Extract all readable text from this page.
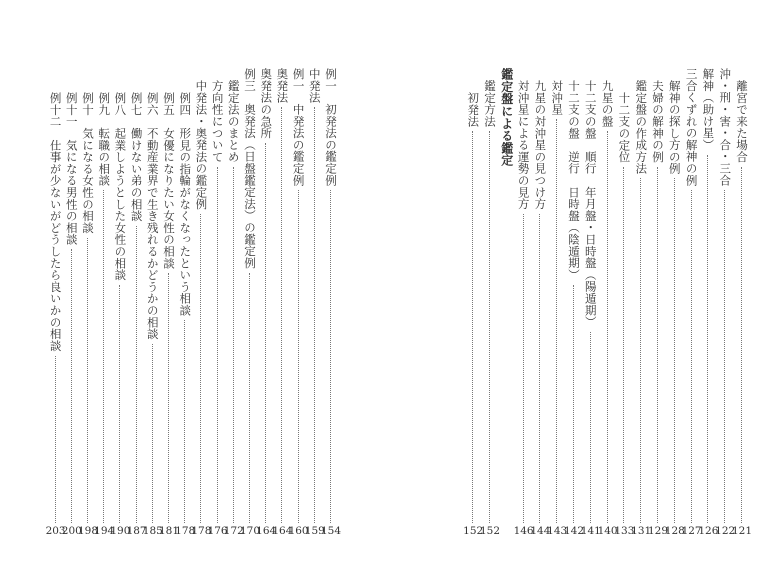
例一　初発法の鑑定例
154
中発法
159
例一　中発法の鑑定例
160
奥発法
164
奥発法の急所
164
例三　奥発法（日盤鑑定法）の鑑定例
170
鑑定法のまとめ
172
方向性について
176
中発法・奥発法の鑑定例
178
例四　形見の指輪がなくなったという相談
178
例五　女優になりたい女性の相談
181
例六　不動産業界で生き残れるかどうかの相談
185
例七　働けない弟の相談
187
例八　起業しようとした女性の相談
190
例九　転職の相談
194
例十　気になる女性の相談
198
例十一　気になる男性の相談
200
例十二　仕事が少ないがどうしたら良いかの相談
203
離宮で来た場合
121
沖・刑・害・合・三合
122
解神（助け星）
126
三合くずれの解神の例
127
解神の探し方の例
128
夫婦の解神の例
129
鑑定盤の作成方法
131
十二支の定位
133
九星の盤
140
十二支の盤　順行　年月盤・日時盤（陽遁期）
141
十二支の盤　逆行　日時盤（陰遁期）
142
対沖星
143
九星の対沖星の見つけ方
144
対沖星による運勢の見方
146
鑑定盤による鑑定
鑑定方法
152
初発法
152
